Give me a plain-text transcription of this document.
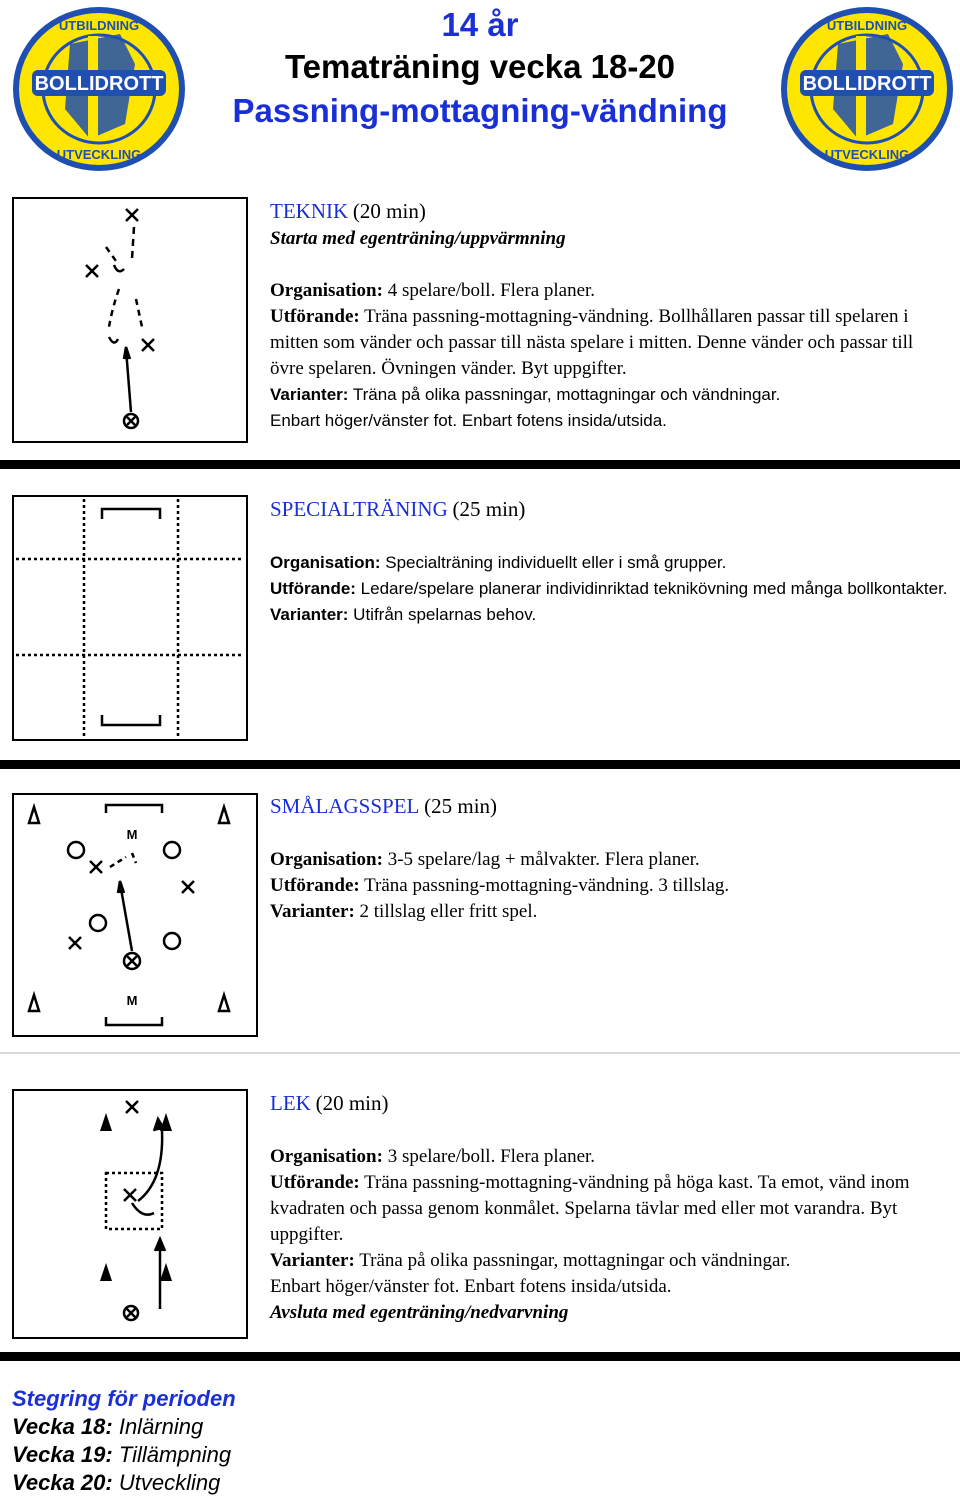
BOLLIDROTT
UTBILDNING
UTVECKLING
14 år
Tematräning vecka 18-20
Passning-mottagning-vändning
BOLLIDROTT
UTBILDNING
UTVECKLING

TEKNIK (20 min)

Starta med egenträning/uppvärmning

Organisation: 4 spelare/boll. Flera planer.

Utförande: Träna passning-mottagning-vändning. Bollhållaren passar till spelaren i mitten som vänder och passar till nästa spelare i mitten. Denne vänder och passar till övre spelaren. Övningen vänder. Byt uppgifter.

Varianter: Träna på olika passningar, mottagningar och vändningar.

Enbart höger/vänster fot. Enbart fotens insida/utsida.

SPECIALTRÄNING (25 min)

Organisation: Specialträning individuellt eller i små grupper.

Utförande: Ledare/spelare planerar individinriktad teknikövning med många bollkontakter.

Varianter: Utifrån spelarnas behov.

M
M

SMÅLAGSSPEL (25 min)

Organisation: 3-5 spelare/lag + målvakter. Flera planer.

Utförande: Träna passning-mottagning-vändning. 3 tillslag.

Varianter: 2 tillslag eller fritt spel.

LEK (20 min)

Organisation: 3 spelare/boll. Flera planer.

Utförande: Träna passning-mottagning-vändning på höga kast. Ta emot, vänd inom kvadraten och passa genom konmålet. Spelarna tävlar med eller mot varandra. Byt uppgifter.

Varianter: Träna på olika passningar, mottagningar och vändningar.

Enbart höger/vänster fot. Enbart fotens insida/utsida.

Avsluta med egenträning/nedvarvning

Stegring för perioden
Vecka 18: Inlärning
Vecka 19: Tillämpning
Vecka 20: Utveckling
